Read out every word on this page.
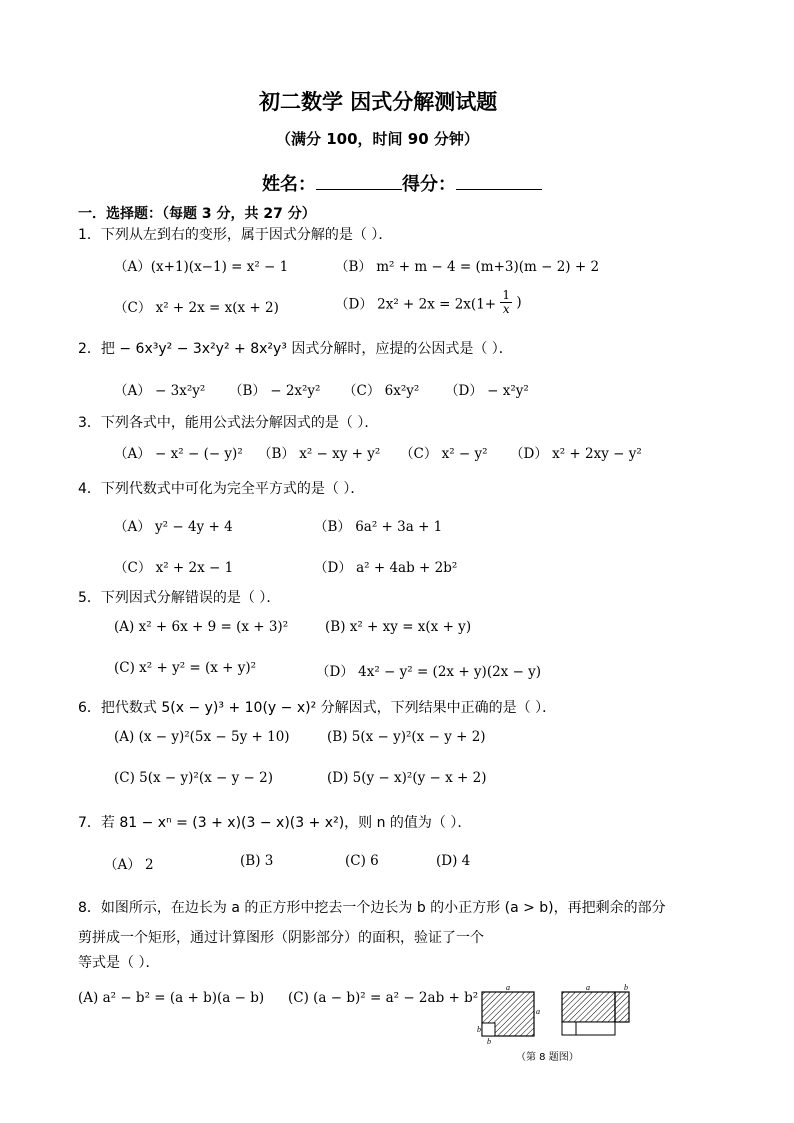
初二数学 因式分解测试题
（满分 100，时间 90 分钟）
姓名：	得分：
一．选择题：（每题 3 分，共 27 分）
1．下列从左到右的变形，属于因式分解的是（ ）．
（A）(x+1)(x−1) = x² − 1	（B） m² + m − 4 = (m+3)(m − 2) + 2
（C） x² + 2x = x(x + 2)	（D） $2x^2 + 2x = 2x(1+ \frac{1}{x}$ )
2．把 − 6x³y² − 3x²y² + 8x²y³ 因式分解时，应提的公因式是（ ）．
（A） − 3x²y² （B） − 2x²y² （C） 6x²y² （D） − x²y²
3．下列各式中，能用公式法分解因式的是（ ）．
（A） − x² − (− y)² （B） x² − xy + y² （C） x² − y² （D） x² + 2xy − y²
4．下列代数式中可化为完全平方式的是（ ）．
（A） y² − 4y + 4	（B） 6a² + 3a + 1
（C） x² + 2x − 1	（D） a² + 4ab + 2b²
5．下列因式分解错误的是（ ）．
(A) x² + 6x + 9 = (x + 3)²	(B) x² + xy = x(x + y)
(C) x² + y² = (x + y)²	（D） 4x² − y² = (2x + y)(2x − y)
6．把代数式 5(x − y)³ + 10(y − x)² 分解因式，下列结果中正确的是（ ）．
(A) (x − y)²(5x − 5y + 10)	(B) 5(x − y)²(x − y + 2)
(C) 5(x − y)²(x − y − 2)	(D) 5(y − x)²(y − x + 2)
7．若 81 − xⁿ = (3 + x)(3 − x)(3 + x²)，则 n 的值为（ ）．
（A） 2	(B) 3	(C) 6	(D) 4
8．如图所示，在边长为 a 的正方形中挖去一个边长为 b 的小正方形 (a > b)，再把剩余的部分
剪拼成一个矩形，通过计算图形（阴影部分）的面积，验证了一个
等式是（ ）．
(A) a² − b² = (a + b)(a − b) (C) (a − b)² = a² − 2ab + b²
a
a
b
b
a	b
（第 8 题图）
